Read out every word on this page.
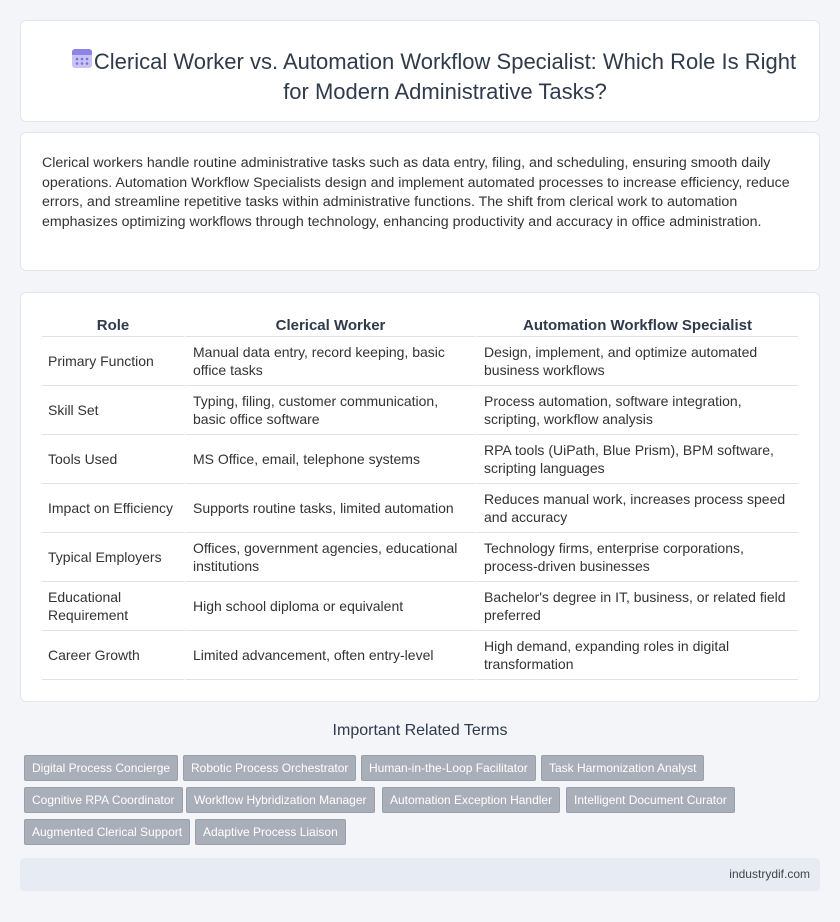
Clerical Worker vs. Automation Workflow Specialist: Which Role Is Right for Modern Administrative Tasks?

Clerical workers handle routine administrative tasks such as data entry, filing, and scheduling, ensuring smooth daily operations. Automation Workflow Specialists design and implement automated processes to increase efficiency, reduce errors, and streamline repetitive tasks within administrative functions. The shift from clerical work to automation emphasizes optimizing workflows through technology, enhancing productivity and accuracy in office administration.

Role	Clerical Worker	Automation Workflow Specialist
Primary Function	Manual data entry, record keeping, basic office tasks	Design, implement, and optimize automated business workflows
Skill Set	Typing, filing, customer communication, basic office software	Process automation, software integration, scripting, workflow analysis
Tools Used	MS Office, email, telephone systems	RPA tools (UiPath, Blue Prism), BPM software, scripting languages
Impact on Efficiency	Supports routine tasks, limited automation	Reduces manual work, increases process speed and accuracy
Typical Employers	Offices, government agencies, educational institutions	Technology firms, enterprise corporations, process-driven businesses
Educational Requirement	High school diploma or equivalent	Bachelor's degree in IT, business, or related field preferred
Career Growth	Limited advancement, often entry-level	High demand, expanding roles in digital transformation
Important Related Terms
Digital Process Concierge	Robotic Process Orchestrator	Human-in-the-Loop Facilitator	Task Harmonization Analyst
Cognitive RPA Coordinator	Workflow Hybridization Manager	Automation Exception Handler	Intelligent Document Curator
Augmented Clerical Support	Adaptive Process Liaison
industrydif.com
